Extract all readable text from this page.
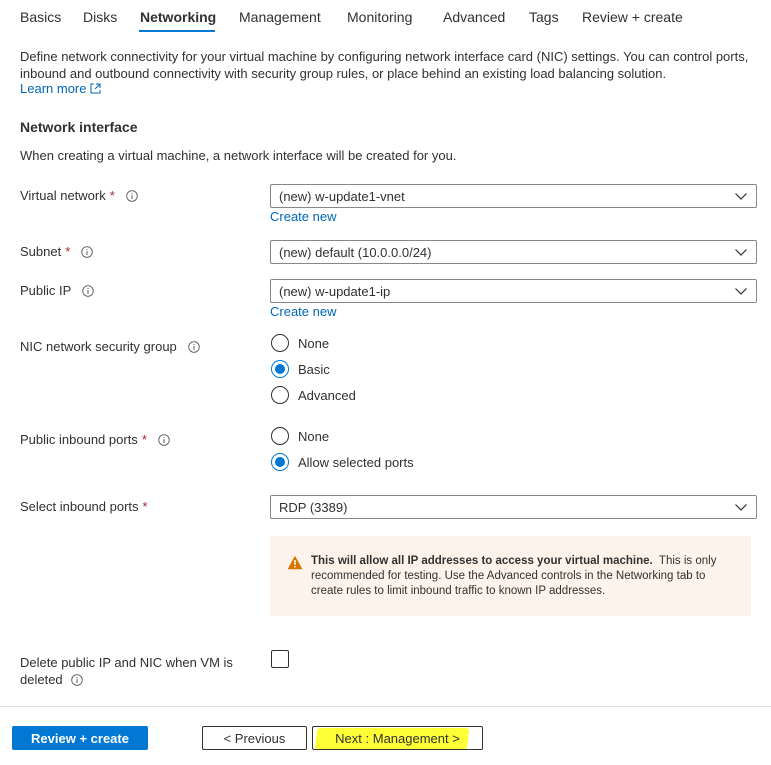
Basics Disks Networking Management Monitoring Advanced Tags Review + create
Define network connectivity for your virtual machine by configuring network interface card (NIC) settings. You can control ports, inbound and outbound connectivity with security group rules, or place behind an existing load balancing solution.
Learn more
Network interface
When creating a virtual machine, a network interface will be created for you.
Virtual network *	(new) w-update1-vnet
Create new
Subnet *	(new) default (10.0.0.0/24)
Public IP	(new) w-update1-ip
Create new
NIC network security group	None
Basic
Advanced
Public inbound ports *	None
Allow selected ports
Select inbound ports *	RDP (3389)
This will allow all IP addresses to access your virtual machine. This is only recommended for testing. Use the Advanced controls in the Networking tab to create rules to limit inbound traffic to known IP addresses.
Delete public IP and NIC when VM is
deleted
Review + create	< Previous	Next : Management >
